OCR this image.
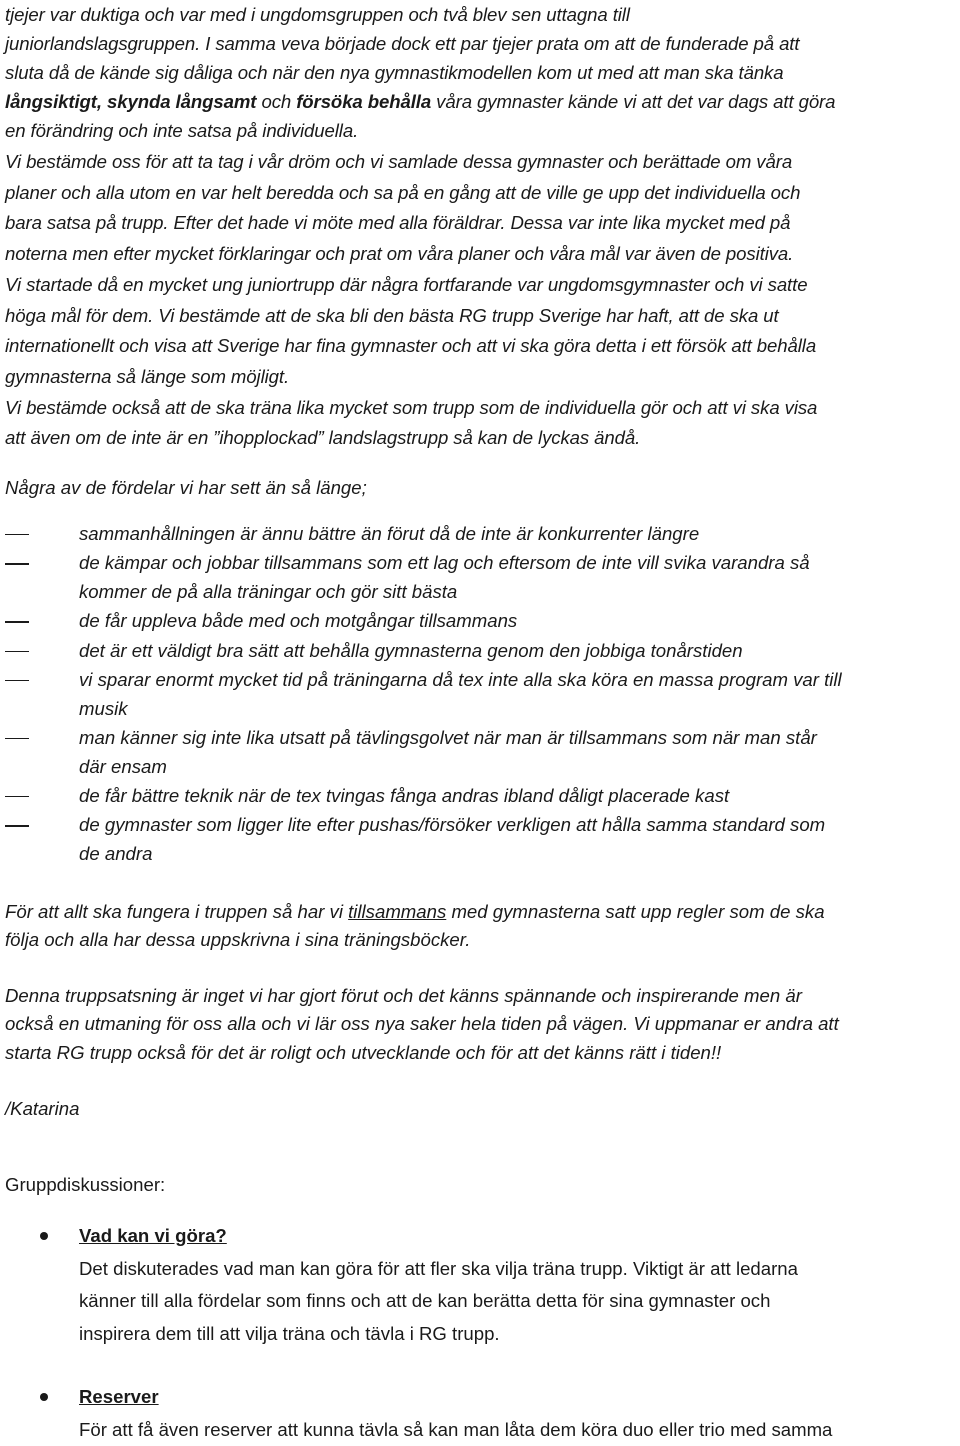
tjejer var duktiga och var med i ungdomsgruppen och två blev sen uttagna till
juniorlandslagsgruppen. I samma veva började dock ett par tjejer prata om att de funderade på att
sluta då de kände sig dåliga och när den nya gymnastikmodellen kom ut med att man ska tänka
långsiktigt, skynda långsamt och försöka behålla våra gymnaster kände vi att det var dags att göra
en förändring och inte satsa på individuella.

Vi bestämde oss för att ta tag i vår dröm och vi samlade dessa gymnaster och berättade om våra
planer och alla utom en var helt beredda och sa på en gång att de ville ge upp det individuella och
bara satsa på trupp. Efter det hade vi möte med alla föräldrar. Dessa var inte lika mycket med på
noterna men efter mycket förklaringar och prat om våra planer och våra mål var även de positiva.
Vi startade då en mycket ung juniortrupp där några fortfarande var ungdomsgymnaster och vi satte
höga mål för dem. Vi bestämde att de ska bli den bästa RG trupp Sverige har haft, att de ska ut
internationellt och visa att Sverige har fina gymnaster och att vi ska göra detta i ett försök att behålla
gymnasterna så länge som möjligt.
Vi bestämde också att de ska träna lika mycket som trupp som de individuella gör och att vi ska visa
att även om de inte är en ”ihopplockad” landslagstrupp så kan de lyckas ändå.

Några av de fördelar vi har sett än så länge;

sammanhållningen är ännu bättre än förut då de inte är konkurrenter längre
de kämpar och jobbar tillsammans som ett lag och eftersom de inte vill svika varandra så
kommer de på alla träningar och gör sitt bästa
de får uppleva både med och motgångar tillsammans
det är ett väldigt bra sätt att behålla gymnasterna genom den jobbiga tonårstiden
vi sparar enormt mycket tid på träningarna då tex inte alla ska köra en massa program var till
musik
man känner sig inte lika utsatt på tävlingsgolvet när man är tillsammans som när man står
där ensam
de får bättre teknik när de tex tvingas fånga andras ibland dåligt placerade kast
de gymnaster som ligger lite efter pushas/försöker verkligen att hålla samma standard som
de andra

För att allt ska fungera i truppen så har vi tillsammans med gymnasterna satt upp regler som de ska
följa och alla har dessa uppskrivna i sina träningsböcker.

Denna truppsatsning är inget vi har gjort förut och det känns spännande och inspirerande men är
också en utmaning för oss alla och vi lär oss nya saker hela tiden på vägen. Vi uppmanar er andra att
starta RG trupp också för det är roligt och utvecklande och för att det känns rätt i tiden!!

/Katarina

Gruppdiskussioner:

Vad kan vi göra?
Det diskuterades vad man kan göra för att fler ska vilja träna trupp. Viktigt är att ledarna
känner till alla fördelar som finns och att de kan berätta detta för sina gymnaster och
inspirera dem till att vilja träna och tävla i RG trupp.
Reserver
För att få även reserver att kunna tävla så kan man låta dem köra duo eller trio med samma
